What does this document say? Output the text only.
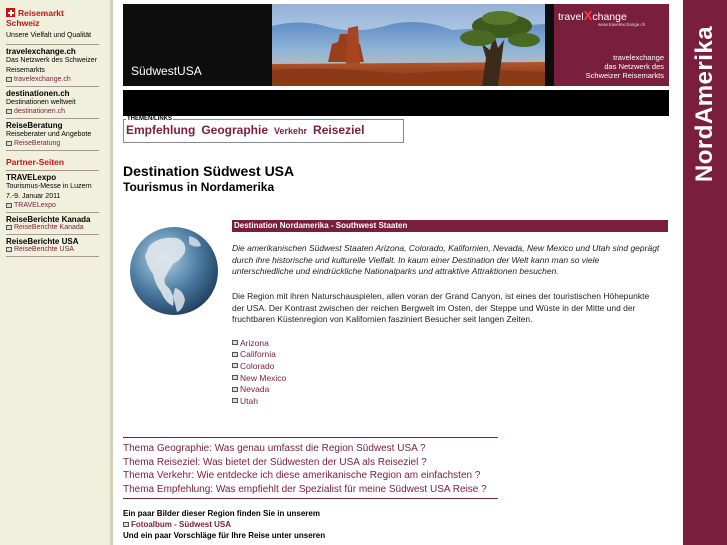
Reisemarkt Schweiz
Unsere Vielfalt und Qualität
travelexchange.ch
Das Netzwerk des Schweizer Reisemarkts
travelexchange.ch
destinationen.ch
Destinationen weltweit
destinationen.ch
ReiseBeratung
Reiseberater und Angebote
ReiseBeratung
Partner-Seiten
TRAVELexpo
Tourismus-Messe in Luzern 7.-9. Januar 2011
TRAVELexpo
ReiseBerichte Kanada
ReiseBerichte Kanada
ReiseBerichte USA
ReiseBerichte USA
SüdwestUSA
travelXchange
www.travelexchange.ch
travelexchange
das Netzwerk des
Schweizer Reisemarkts
THEMEN/LINKS
Empfehlung Geographie Verkehr Reiseziel	NordAmerika
Destination Südwest USA
Tourismus in Nordamerika
Destination Nordamerika - Southwest Staaten
Die amerikanischen Südwest Staaten Arizona, Colorado, Kalifornien, Nevada, New Mexico und Utah sind geprägt durch ihre historische und kulturelle Vielfalt. In kaum einer Destination der Welt kann man so viele unterschiedliche und eindrückliche Nationalparks und attraktive Attraktionen besuchen.
Die Region mit ihren Naturschauspielen, allen voran der Grand Canyon, ist eines der touristischen Höhepunkte der USA. Der Kontrast zwischen der reichen Bergwelt im Osten, der Steppe und Wüste in der Mitte und der fruchtbaren Küstenregion von Kalifornien fasziniert Besucher seit langen Zeiten.
Arizona
California
Colorado
New Mexico
Nevada
Utah
Thema Geographie: Was genau umfasst die Region Südwest USA ?
Thema Reiseziel: Was bietet der Südwesten der USA als Reiseziel ?
Thema Verkehr: Wie entdecke ich diese amerikanische Region am einfachsten ?
Thema Empfehlung: Was empfiehlt der Spezialist für meine Südwest USA Reise ?
Ein paar Bilder dieser Region finden Sie in unserem
Fotoalbum - Südwest USA
Und ein paar Vorschläge für Ihre Reise unter unseren
